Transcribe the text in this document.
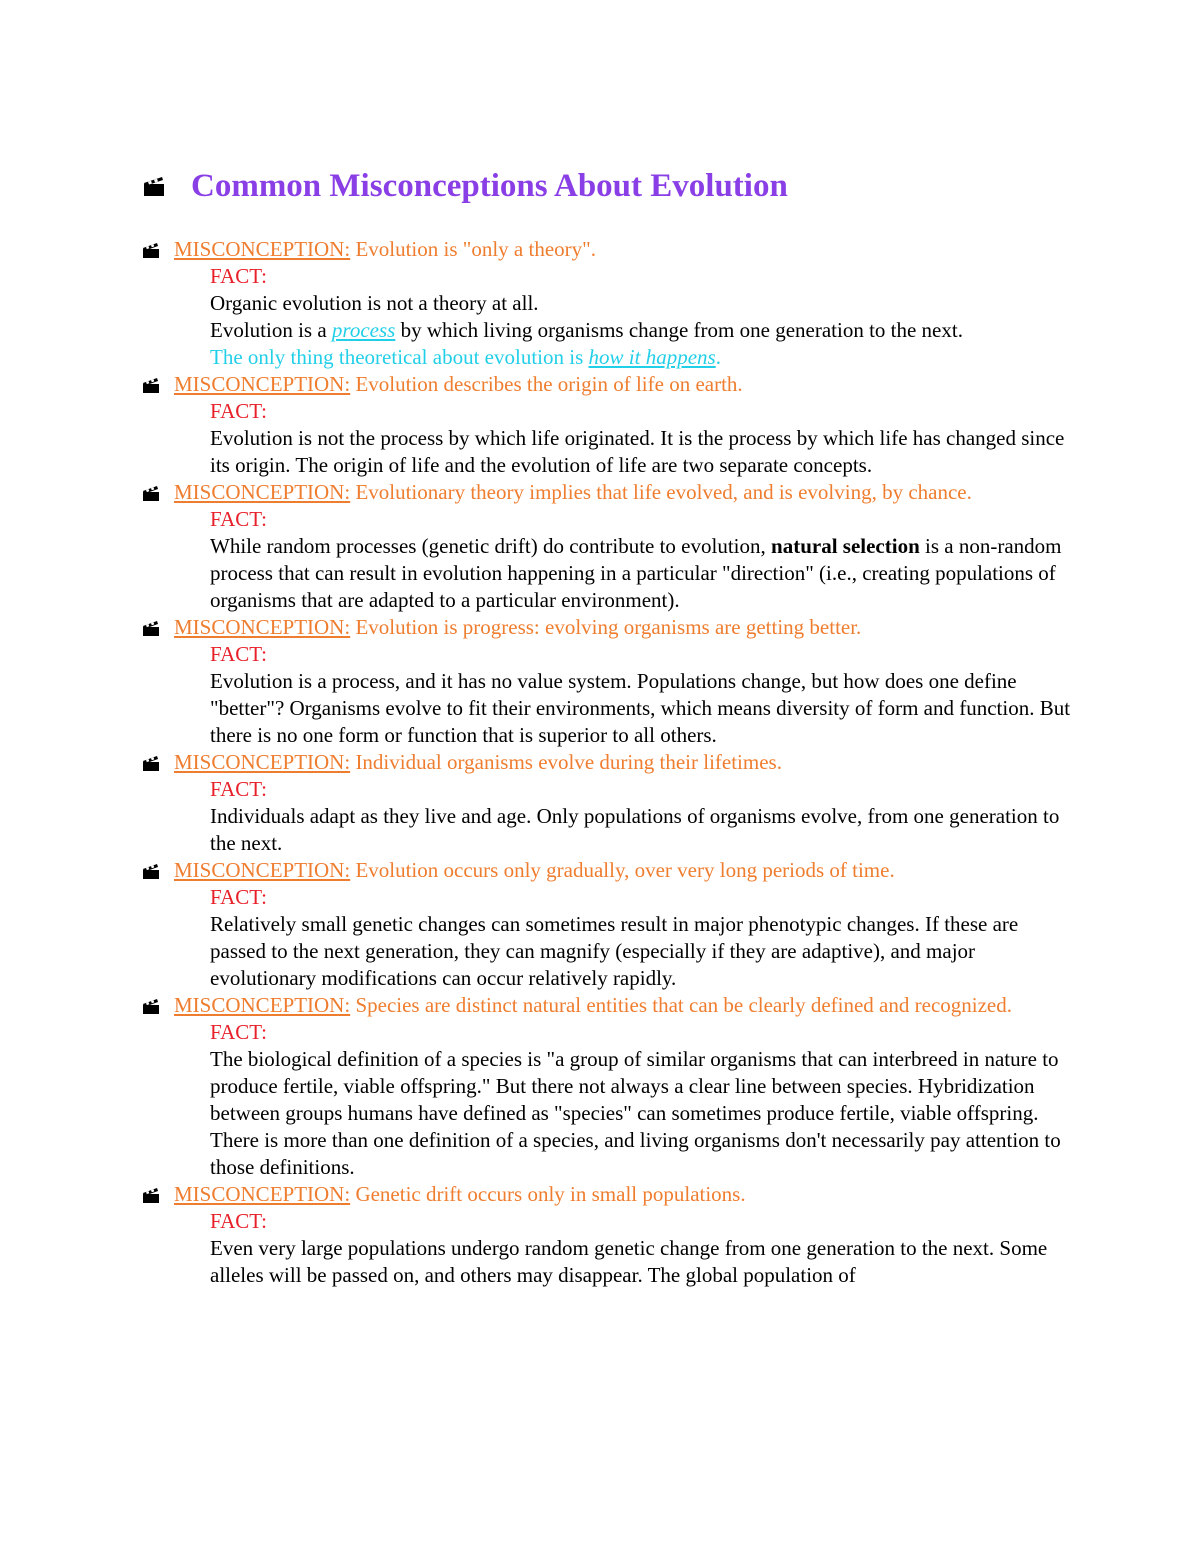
Common Misconceptions About Evolution
MISCONCEPTION: Evolution is "only a theory".
FACT:
Organic evolution is not a theory at all.
Evolution is a process by which living organisms change from one generation to the next.
The only thing theoretical about evolution is how it happens.
MISCONCEPTION: Evolution describes the origin of life on earth.
FACT:
Evolution is not the process by which life originated. It is the process by which life has changed since its origin. The origin of life and the evolution of life are two separate concepts.
MISCONCEPTION: Evolutionary theory implies that life evolved, and is evolving, by chance.
FACT:
While random processes (genetic drift) do contribute to evolution, natural selection is a non-random process that can result in evolution happening in a particular "direction" (i.e., creating populations of organisms that are adapted to a particular environment).
MISCONCEPTION: Evolution is progress: evolving organisms are getting better.
FACT:
Evolution is a process, and it has no value system. Populations change, but how does one define "better"? Organisms evolve to fit their environments, which means diversity of form and function. But there is no one form or function that is superior to all others.
MISCONCEPTION: Individual organisms evolve during their lifetimes.
FACT:
Individuals adapt as they live and age. Only populations of organisms evolve, from one generation to the next.
MISCONCEPTION: Evolution occurs only gradually, over very long periods of time.
FACT:
Relatively small genetic changes can sometimes result in major phenotypic changes. If these are passed to the next generation, they can magnify (especially if they are adaptive), and major evolutionary modifications can occur relatively rapidly.
MISCONCEPTION: Species are distinct natural entities that can be clearly defined and recognized.
FACT:
The biological definition of a species is "a group of similar organisms that can interbreed in nature to produce fertile, viable offspring." But there not always a clear line between species. Hybridization between groups humans have defined as "species" can sometimes produce fertile, viable offspring. There is more than one definition of a species, and living organisms don't necessarily pay attention to those definitions.
MISCONCEPTION: Genetic drift occurs only in small populations.
FACT:
Even very large populations undergo random genetic change from one generation to the next. Some alleles will be passed on, and others may disappear. The global population of
